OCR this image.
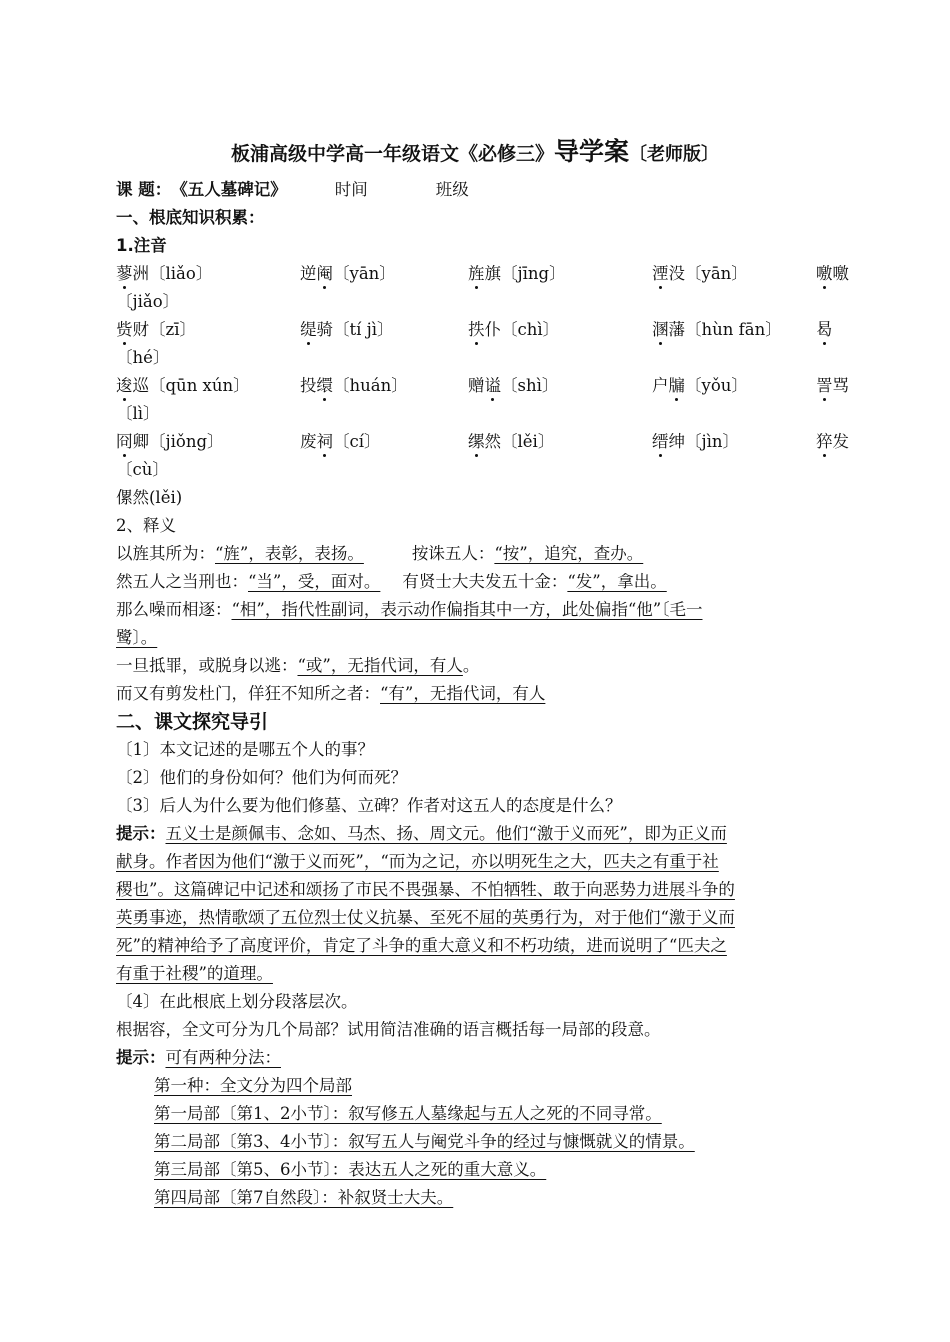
板浦高级中学高一年级语文《必修三》导学案〔老师版〕
课 题：《五人墓碑记》	时间	班级
一、根底知识积累：
1.注音
蓼洲〔liǎo〕	逆阉〔yān〕	旌旗〔jīng〕	湮没〔yān〕	噭噭
〔jiǎo〕
赀财〔zī〕	缇骑〔tí jì〕	抶仆〔chì〕	溷藩〔hùn fān〕	曷
〔hé〕
逡巡〔qūn xún〕	投缳〔huán〕	赠谥〔shì〕	户牖〔yǒu〕	詈骂
〔lì〕
冏卿〔jiǒng〕	废祠〔cí〕	缧然〔lěi〕	缙绅〔jìn〕	猝发
〔cù〕
傫然(lěi)
2、释义
以旌其所为：“旌”，表彰，表扬。	按诛五人：“按”，追究，查办。
然五人之当刑也：“当”，受，面对。 有贤士大夫发五十金：“发”，拿出。
那么噪而相逐：“相”，指代性副词，表示动作偏指其中一方，此处偏指“他”〔毛一
鹭〕。
一旦抵罪，或脱身以逃：“或”，无指代词，有人。
而又有剪发杜门，佯狂不知所之者：“有”，无指代词，有人
二、课文探究导引
〔1〕本文记述的是哪五个人的事？
〔2〕他们的身份如何？他们为何而死？
〔3〕后人为什么要为他们修墓、立碑？作者对这五人的态度是什么？
提示：五义士是颜佩韦、念如、马杰、扬、周文元。他们“激于义而死”，即为正义而
献身。作者因为他们“激于义而死”，“而为之记，亦以明死生之大，匹夫之有重于社
稷也”。这篇碑记中记述和颂扬了市民不畏强暴、不怕牺牲、敢于向恶势力进展斗争的
英勇事迹，热情歌颂了五位烈士仗义抗暴、至死不屈的英勇行为，对于他们“激于义而
死”的精神给予了高度评价，肯定了斗争的重大意义和不朽功绩，进而说明了“匹夫之
有重于社稷”的道理。
〔4〕在此根底上划分段落层次。
根据容，全文可分为几个局部？试用简洁准确的语言概括每一局部的段意。
提示：可有两种分法：
第一种：全文分为四个局部
第一局部〔第1、2小节〕：叙写修五人墓缘起与五人之死的不同寻常。
第二局部〔第3、4小节〕：叙写五人与阉党斗争的经过与慷慨就义的情景。
第三局部〔第5、6小节〕：表达五人之死的重大意义。
第四局部〔第7自然段〕：补叙贤士大夫。
